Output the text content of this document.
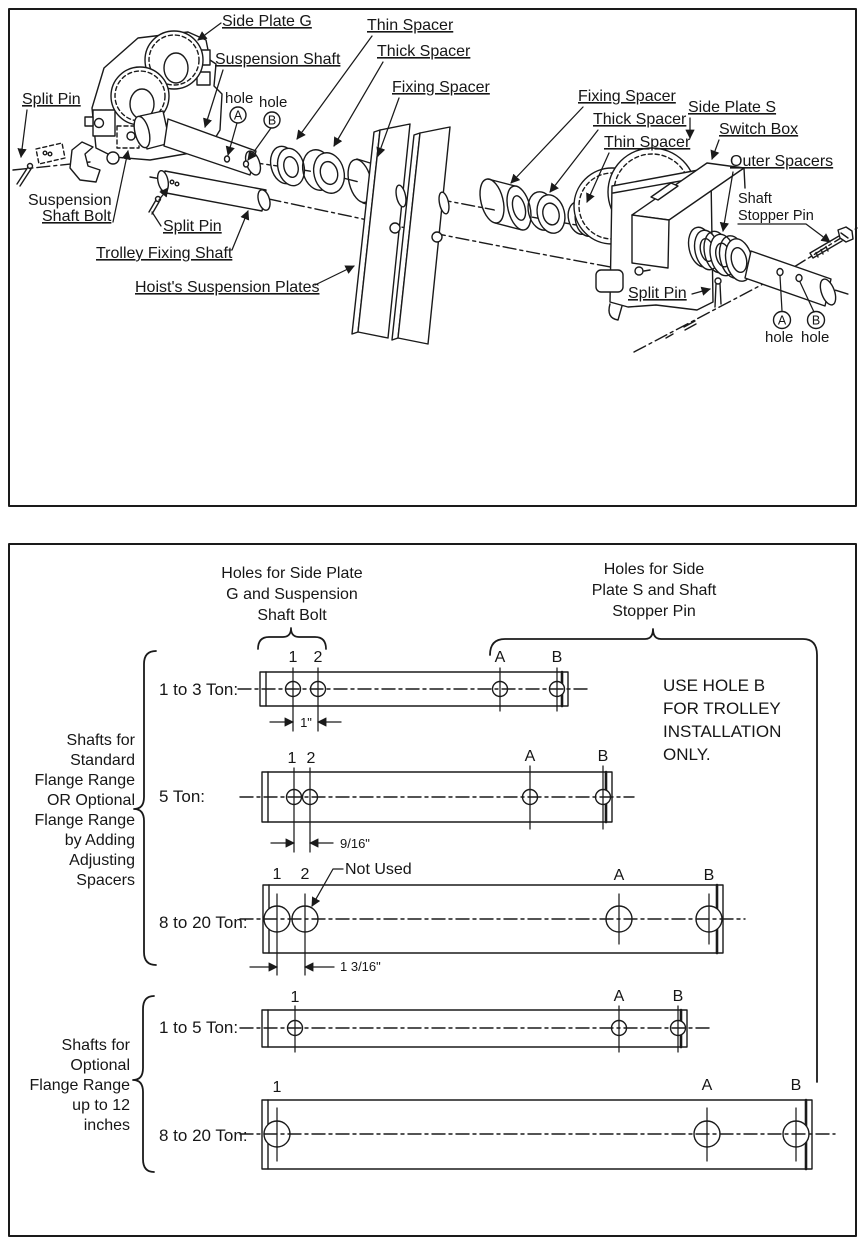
Side Plate G
Suspension Shaft
Thin Spacer
Thick Spacer
Fixing Spacer
Fixing Spacer
Thick Spacer
Thin Spacer
Side Plate S
Switch Box
Outer Spacers
Shaft
Stopper Pin
Split Pin
Suspension
Shaft Bolt
Split Pin
Trolley Fixing Shaft
Hoist's Suspension Plates	Split Pin
hole
A
hole
B
A B
hole hole
Holes for Side Plate
G and Suspension
Shaft Bolt
Holes for Side
Plate S and Shaft
Stopper Pin
USE HOLE B
FOR TROLLEY
INSTALLATION
ONLY.
Shafts for
Standard
Flange Range
OR Optional
Flange Range
by Adding
Adjusting
Spacers
Shafts for
Optional
Flange Range
up to 12
inches
1 to 3 Ton:
1 2	A	B
1"
5 Ton:
1 2	A	B
9/16"
8 to 20 Ton:
1 2	A	B
Not Used
1 3/16"
1 to 5 Ton:
1	A	B
8 to 20 Ton:
1	A	B
